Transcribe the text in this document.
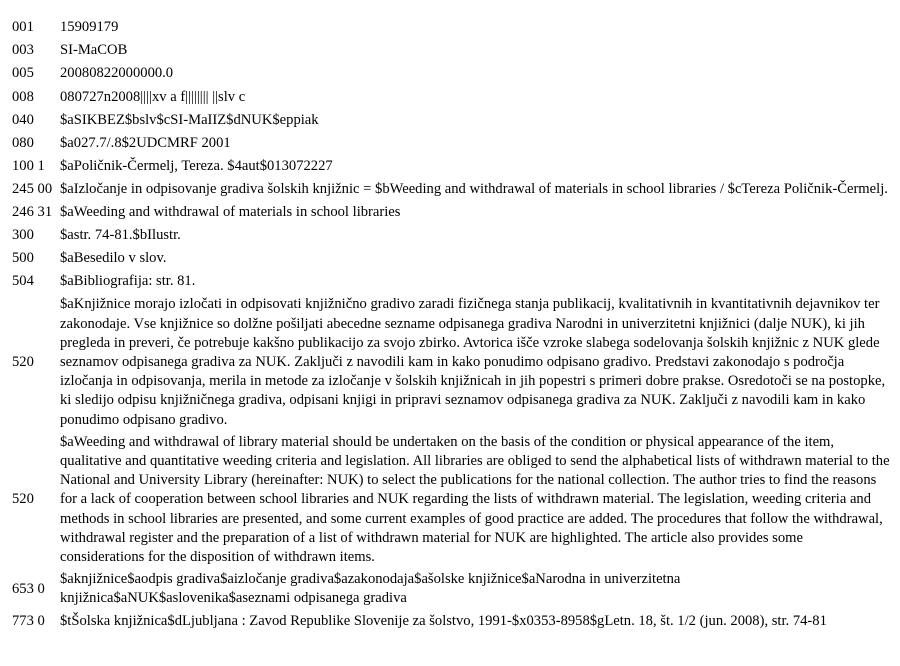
001	15909179
003	SI-MaCOB
005	20080822000000.0
008	080727n2008||||xv a f|||||||| ||slv c
040	$aSIKBEZ$bslv$cSI-MaIIZ$dNUK$eppiak
080	$a027.7/.8$2UDCMRF 2001
100 1	$aPoličnik-Čermelj, Tereza. $4aut$013072227
245 00	$aIzločanje in odpisovanje gradiva šolskih knjižnic = $bWeeding and withdrawal of materials in school libraries / $cTereza Poličnik-Čermelj.
246 31	$aWeeding and withdrawal of materials in school libraries
300	$astr. 74-81.$bIlustr.
500	$aBesedilo v slov.
504	$aBibliografija: str. 81.
520	$aKnjižnice morajo izločati in odpisovati knjižnično gradivo zaradi fizičnega stanja publikacij, kvalitativnih in kvantitativnih dejavnikov ter zakonodaje. Vse knjižnice so dolžne pošiljati abecedne sezname odpisanega gradiva Narodni in univerzitetni knjižnici (dalje NUK), ki jih pregleda in preveri, če potrebuje kakšno publikacijo za svojo zbirko. Avtorica išče vzroke slabega sodelovanja šolskih knjižnic z NUK glede seznamov odpisanega gradiva za NUK. Zaključi z navodili kam in kako ponudimo odpisano gradivo. Predstavi zakonodajo s področja izločanja in odpisovanja, merila in metode za izločanje v šolskih knjižnicah in jih popestri s primeri dobre prakse. Osredotoči se na postopke, ki sledijo odpisu knjižničnega gradiva, odpisani knjigi in pripravi seznamov odpisanega gradiva za NUK. Zaključi z navodili kam in kako ponudimo odpisano gradivo.
520	$aWeeding and withdrawal of library material should be undertaken on the basis of the condition or physical appearance of the item, qualitative and quantitative weeding criteria and legislation. All libraries are obliged to send the alphabetical lists of withdrawn material to the National and University Library (hereinafter: NUK) to select the publications for the national collection. The author tries to find the reasons for a lack of cooperation between school libraries and NUK regarding the lists of withdrawn material. The legislation, weeding criteria and methods in school libraries are presented, and some current examples of good practice are added. The procedures that follow the withdrawal, withdrawal register and the preparation of a list of withdrawn material for NUK are highlighted. The article also provides some considerations for the disposition of withdrawn items.
653 0	$aknjižnice$aodpis gradiva$aizločanje gradiva$azakonodaja$ašolske knjižnice$aNarodna in univerzitetna knjižnica$aNUK$aslovenika$aseznami odpisanega gradiva
773 0	$tŠolska knjižnica$dLjubljana : Zavod Republike Slovenije za šolstvo, 1991-$x0353-8958$gLetn. 18, št. 1/2 (jun. 2008), str. 74-81
